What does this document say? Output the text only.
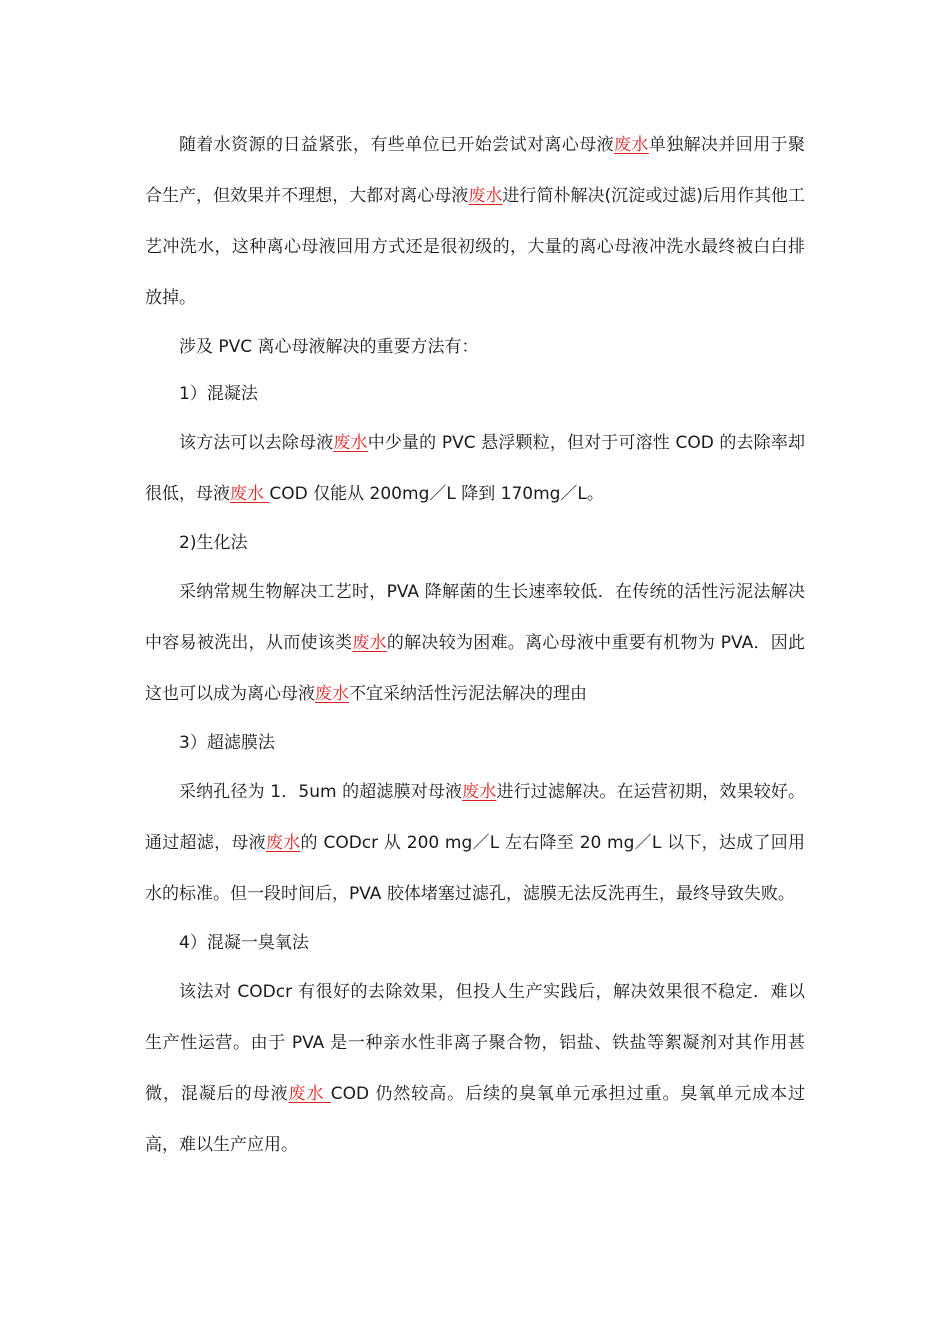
随着水资源的日益紧张，有些单位已开始尝试对离心母液废水单独解决并回用于聚合生产，但效果并不理想，大都对离心母液废水进行简朴解决(沉淀或过滤)后用作其他工艺冲洗水，这种离心母液回用方式还是很初级的，大量的离心母液冲洗水最终被白白排放掉。

涉及 PVC 离心母液解决的重要方法有：

1）混凝法

该方法可以去除母液废水中少量的 PVC 悬浮颗粒，但对于可溶性 COD 的去除率却很低，母液废水 COD 仅能从 200mg／L 降到 170mg／L。

2)生化法

采纳常规生物解决工艺时，PVA 降解菌的生长速率较低．在传统的活性污泥法解决中容易被洗出，从而使该类废水的解决较为困难。离心母液中重要有机物为 PVA．因此这也可以成为离心母液废水不宜采纳活性污泥法解决的理由

3）超滤膜法

采纳孔径为 1．5um 的超滤膜对母液废水进行过滤解决。在运营初期，效果较好。通过超滤，母液废水的 CODcr 从 200 mg／L 左右降至 20 mg／L 以下，达成了回用水的标准。但一段时间后，PVA 胶体堵塞过滤孔，滤膜无法反洗再生，最终导致失败。

4）混凝一臭氧法

该法对 CODcr 有很好的去除效果，但投人生产实践后，解决效果很不稳定．难以生产性运营。由于 PVA 是一种亲水性非离子聚合物，铝盐、铁盐等絮凝剂对其作用甚微，混凝后的母液废水 COD 仍然较高。后续的臭氧单元承担过重。臭氧单元成本过高，难以生产应用。
